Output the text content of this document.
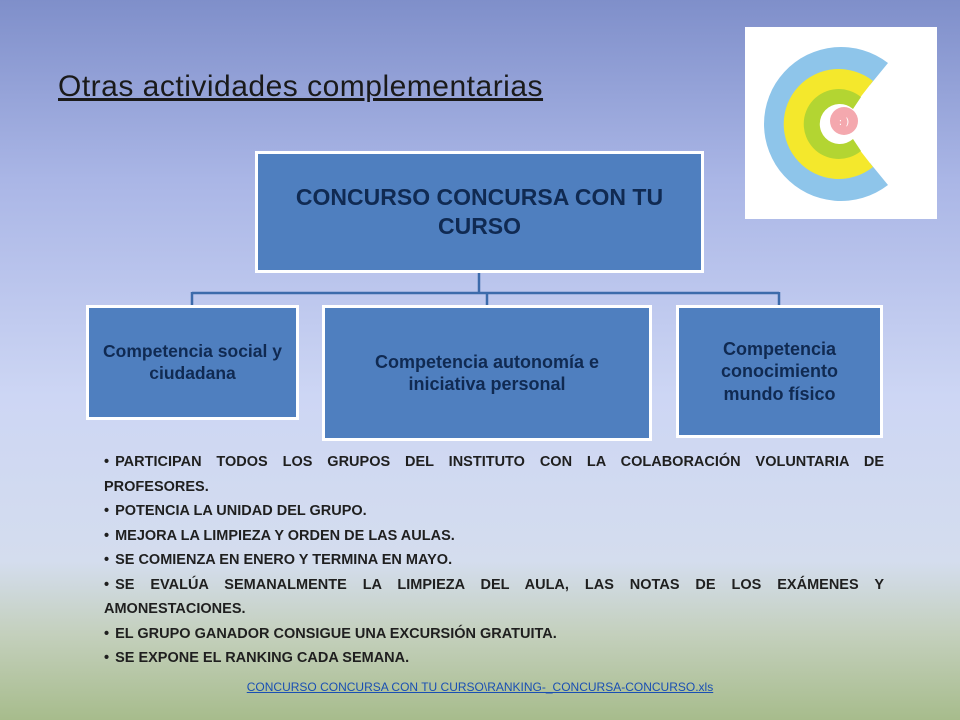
Otras actividades complementarias
: )
CONCURSO CONCURSA CON TU CURSO
Competencia social y ciudadana
Competencia autonomía e iniciativa personal
Competencia conocimiento mundo físico
• PARTICIPAN TODOS LOS GRUPOS DEL INSTITUTO CON LA COLABORACIÓN VOLUNTARIA DE PROFESORES.
• POTENCIA LA UNIDAD DEL GRUPO.
• MEJORA LA LIMPIEZA Y ORDEN DE LAS AULAS.
• SE COMIENZA EN ENERO Y TERMINA EN MAYO.
• SE EVALÚA SEMANALMENTE LA LIMPIEZA DEL AULA, LAS NOTAS DE LOS EXÁMENES Y AMONESTACIONES.
• EL GRUPO GANADOR CONSIGUE UNA EXCURSIÓN GRATUITA.
• SE EXPONE EL RANKING CADA SEMANA.
CONCURSO CONCURSA CON TU CURSO\RANKING-_CONCURSA-CONCURSO.xls
